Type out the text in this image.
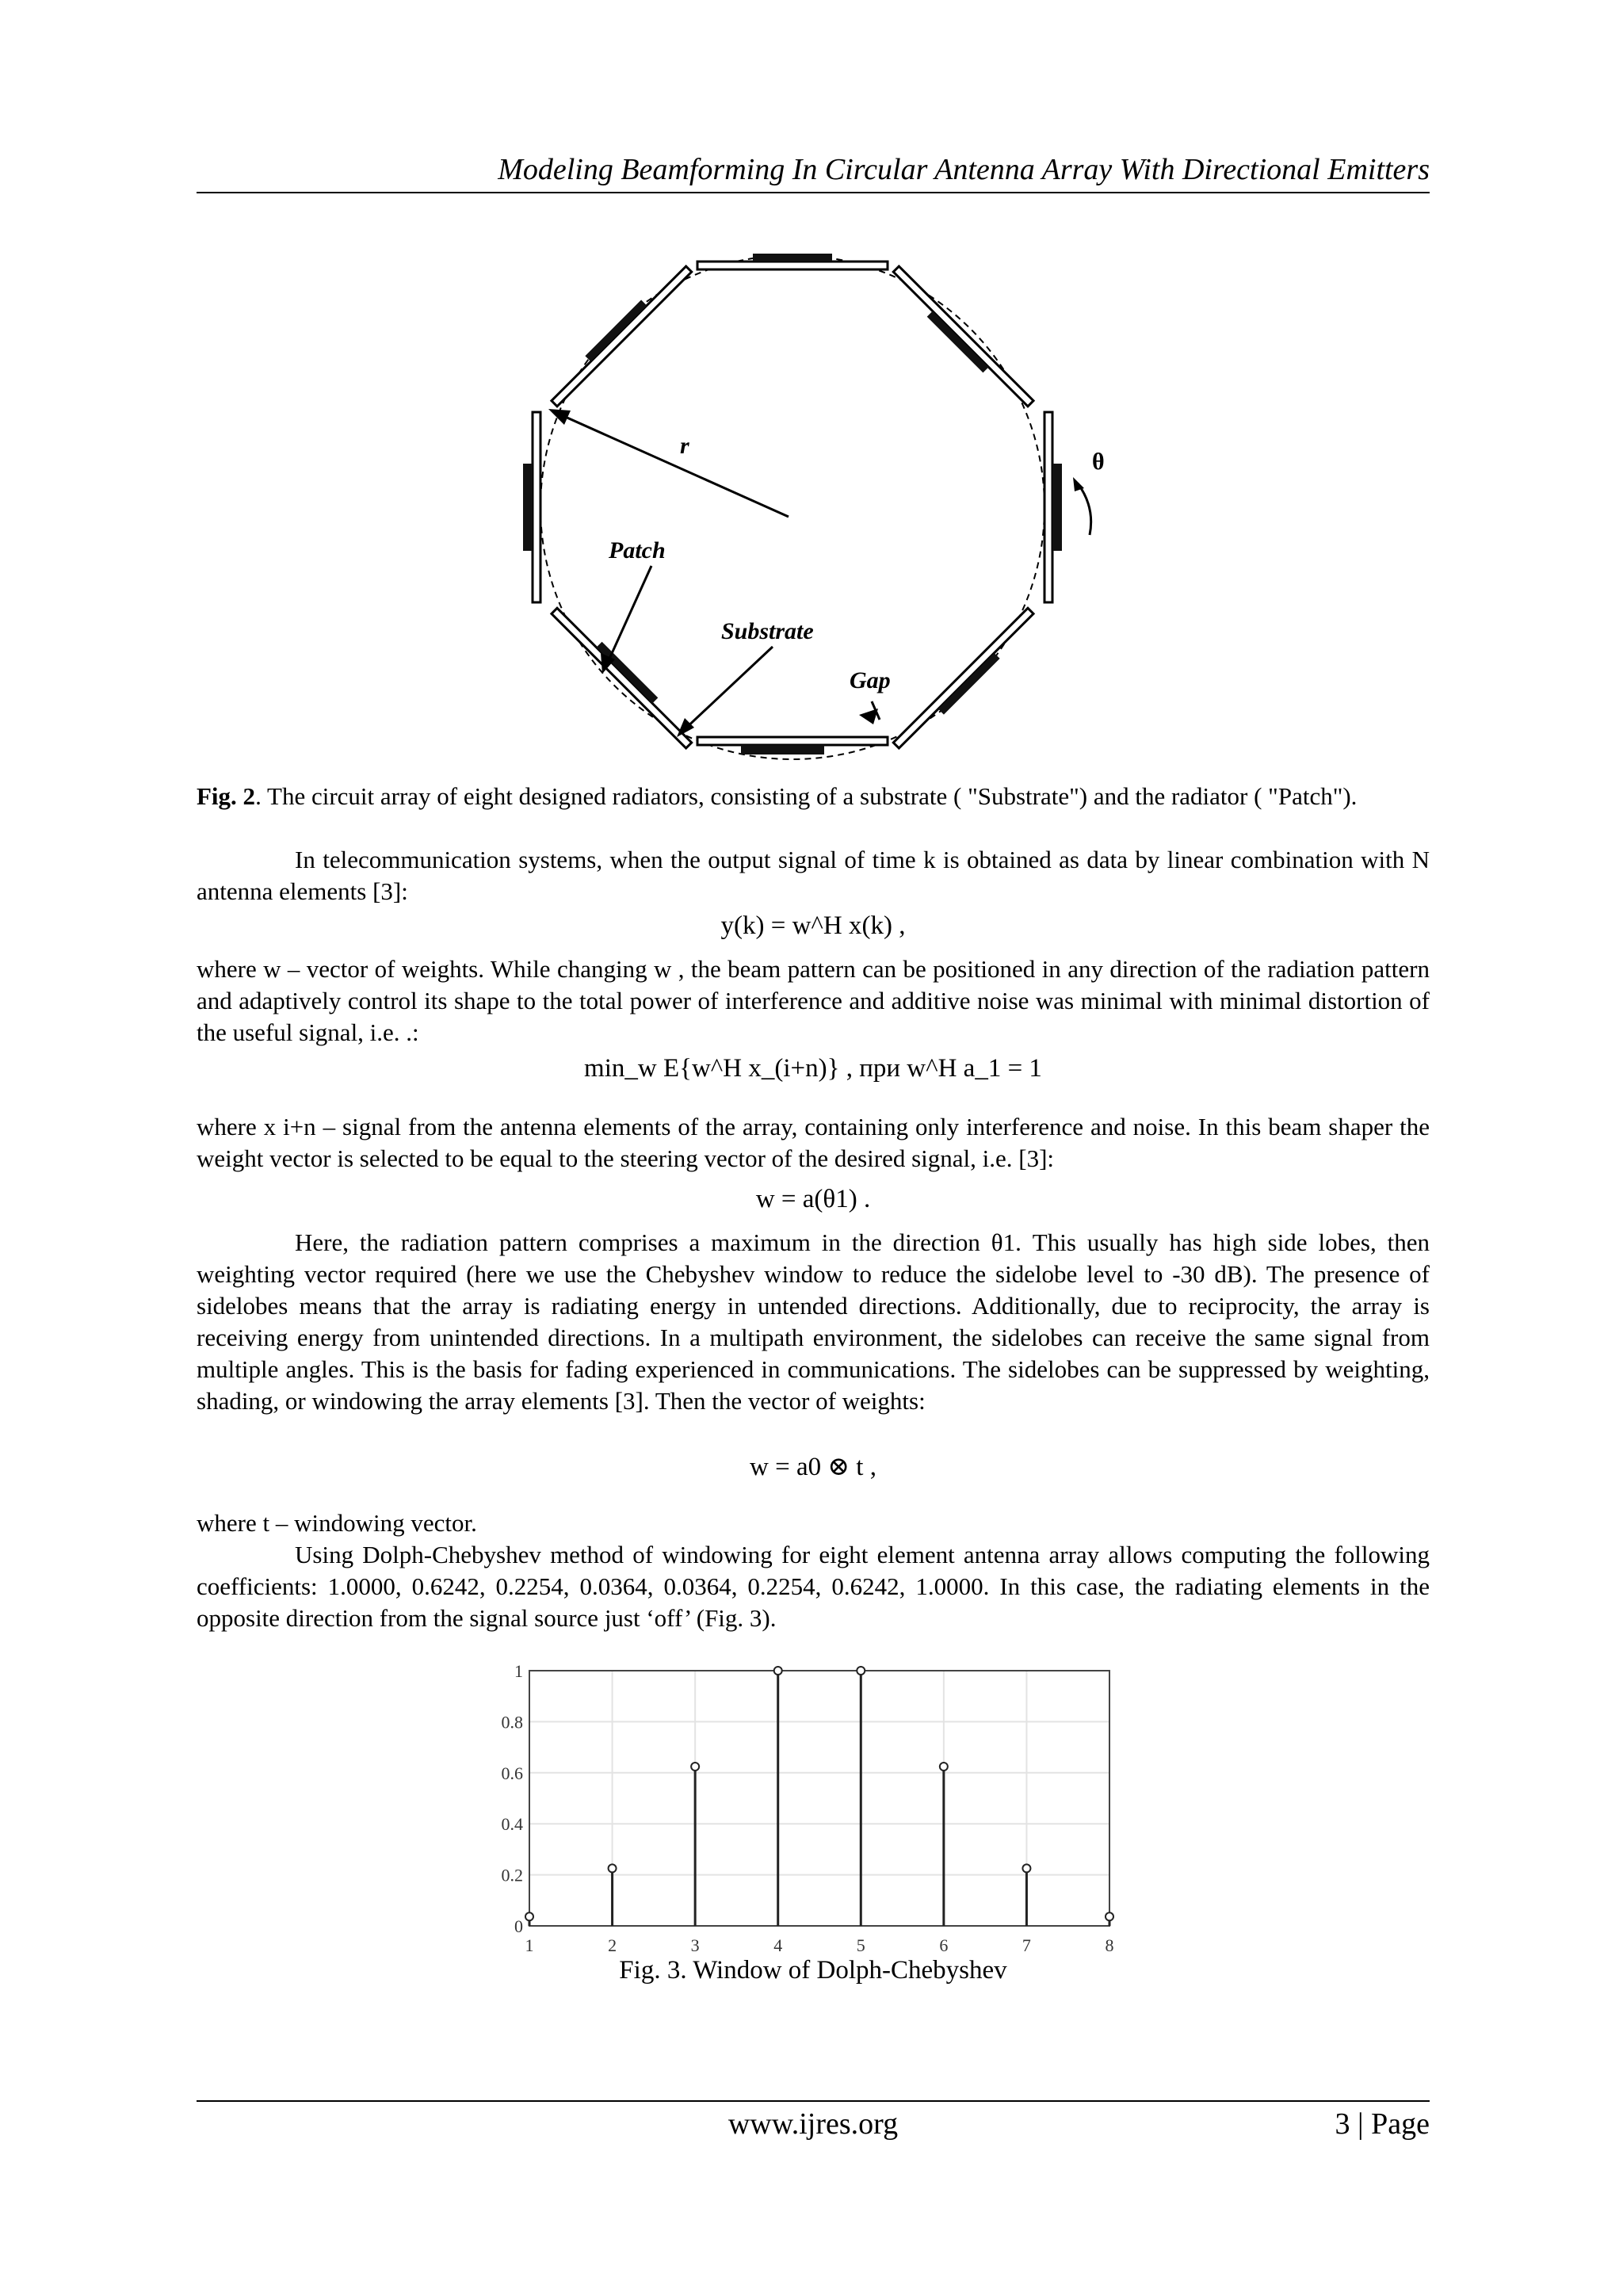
Modeling Beamforming In Circular Antenna Array With Directional Emitters
r
θ
Patch
Substrate
Gap
Fig. 2. The circuit array of eight designed radiators, consisting of a substrate ( "Substrate") and the radiator ( "Patch").
In telecommunication systems, when the output signal of time k is obtained as data by linear combination with N antenna elements [3]:
y(k) = w^H x(k) ,
where w – vector of weights. While changing w , the beam pattern can be positioned in any direction of the radiation pattern and adaptively control its shape to the total power of interference and additive noise was minimal with minimal distortion of the useful signal, i.e. .:
min_w E{w^H x_(i+n)} , при w^H a_1 = 1
where x i+n – signal from the antenna elements of the array, containing only interference and noise. In this beam shaper the weight vector is selected to be equal to the steering vector of the desired signal, i.e. [3]:
w = a(θ1) .
Here, the radiation pattern comprises a maximum in the direction θ1. This usually has high side lobes, then weighting vector required (here we use the Chebyshev window to reduce the sidelobe level to -30 dB). The presence of sidelobes means that the array is radiating energy in untended directions. Additionally, due to reciprocity, the array is receiving energy from unintended directions. In a multipath environment, the sidelobes can receive the same signal from multiple angles. This is the basis for fading experienced in communications. The sidelobes can be suppressed by weighting, shading, or windowing the array elements [3]. Then the vector of weights:
w = a0 ⊗ t ,
where t – windowing vector.
Using Dolph-Chebyshev method of windowing for eight element antenna array allows computing the following coefficients: 1.0000, 0.6242, 0.2254, 0.0364, 0.0364, 0.2254, 0.6242, 1.0000. In this case, the radiating elements in the opposite direction from the signal source just ‘off’ (Fig. 3).
1	2	3	4	5	6	7	8
0
0.2
0.4
0.6
0.8
1
Fig. 3. Window of Dolph-Chebyshev
www.ijres.org	3 | Page
